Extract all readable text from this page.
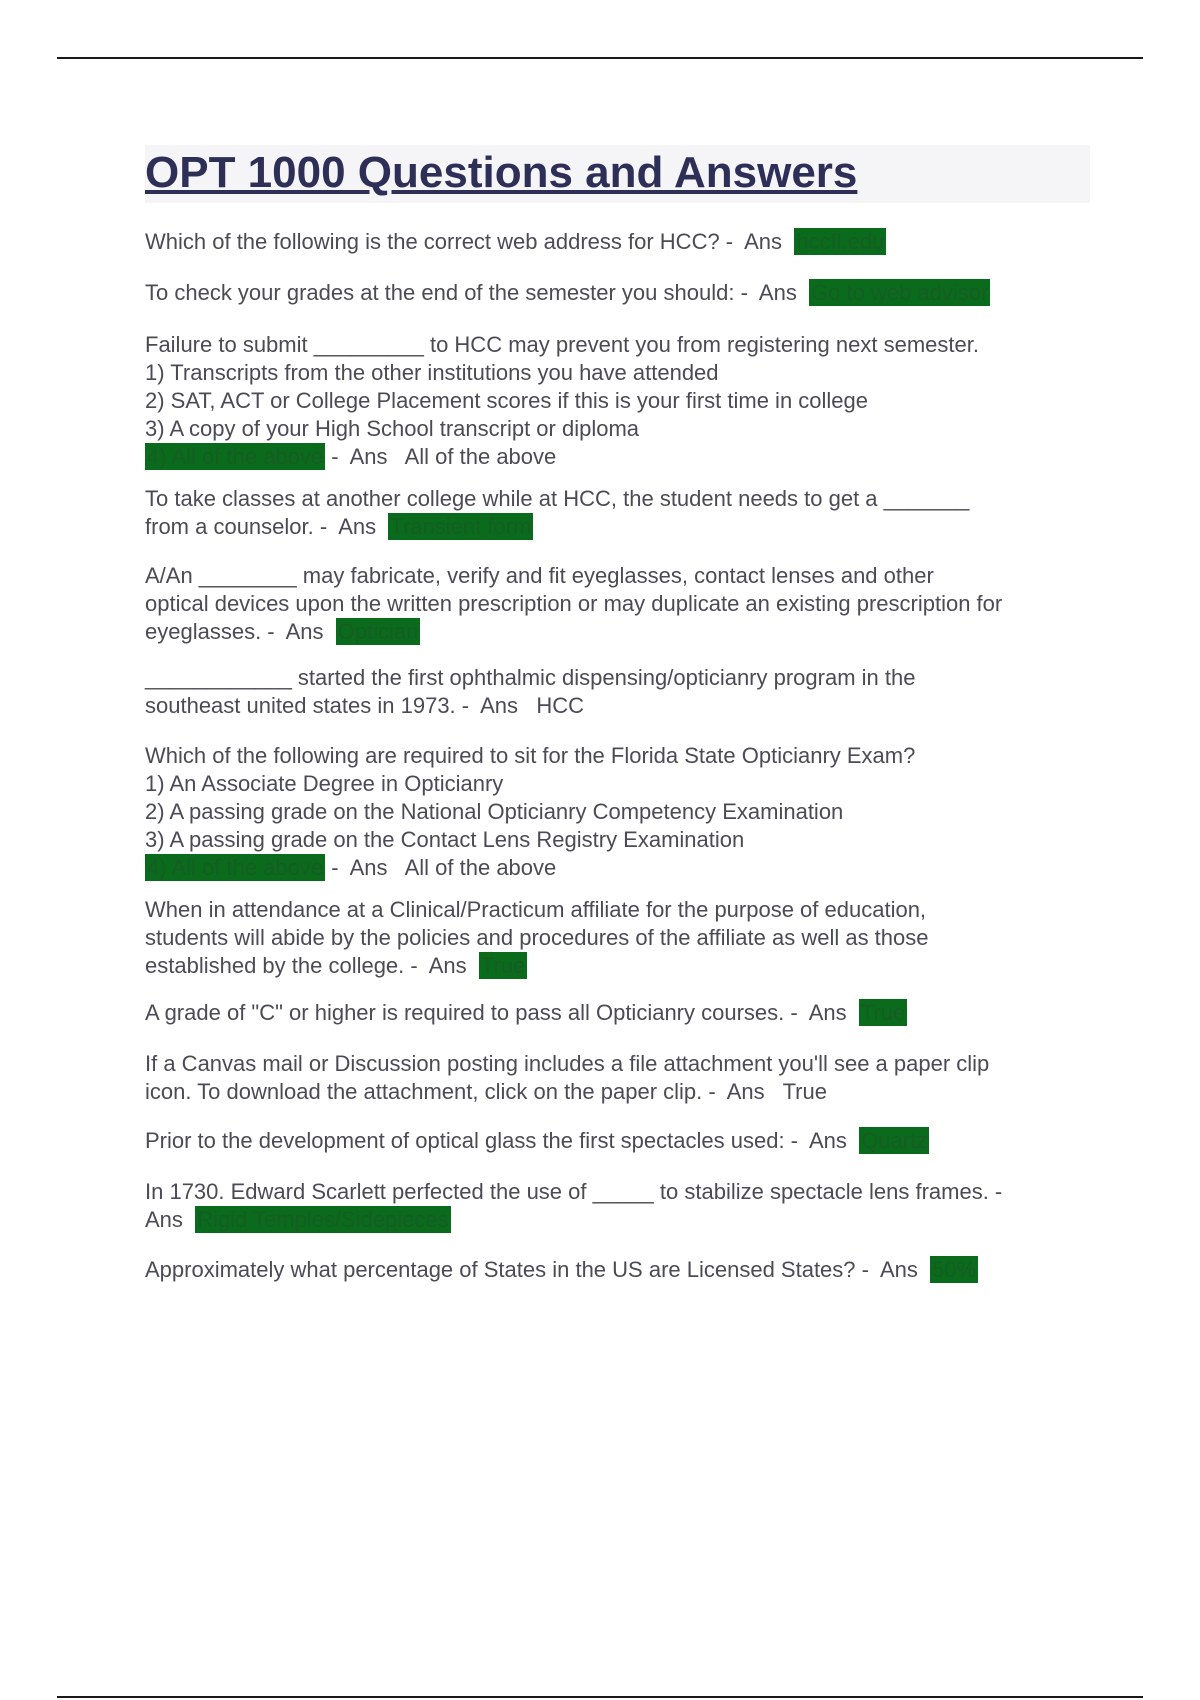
OPT 1000 Questions and Answers
Which of the following is the correct web address for HCC? -  Ans  hccfl.edu
To check your grades at the end of the semester you should: -  Ans  Go to web advisor
Failure to submit _________ to HCC may prevent you from registering next semester.
1) Transcripts from the other institutions you have attended
2) SAT, ACT or College Placement scores if this is your first time in college
3) A copy of your High School transcript or diploma
4) All of the above -  Ans   All of the above
To take classes at another college while at HCC, the student needs to get a _______
from a counselor. -  Ans  Transient form
A/An ________ may fabricate, verify and fit eyeglasses, contact lenses and other
optical devices upon the written prescription or may duplicate an existing prescription for
eyeglasses. -  Ans  Optician
____________ started the first ophthalmic dispensing/opticianry program in the
southeast united states in 1973. -  Ans   HCC
Which of the following are required to sit for the Florida State Opticianry Exam?
1) An Associate Degree in Opticianry
2) A passing grade on the National Opticianry Competency Examination
3) A passing grade on the Contact Lens Registry Examination
4) All of the above -  Ans   All of the above
When in attendance at a Clinical/Practicum affiliate for the purpose of education,
students will abide by the policies and procedures of the affiliate as well as those
established by the college. -  Ans  True
A grade of "C" or higher is required to pass all Opticianry courses. -  Ans  True
If a Canvas mail or Discussion posting includes a file attachment you'll see a paper clip
icon. To download the attachment, click on the paper clip. -  Ans   True
Prior to the development of optical glass the first spectacles used: -  Ans  Quartz
In 1730. Edward Scarlett perfected the use of _____ to stabilize spectacle lens frames. -
Ans  Rigid Temples/Sidepieces
Approximately what percentage of States in the US are Licensed States? -  Ans  50%
